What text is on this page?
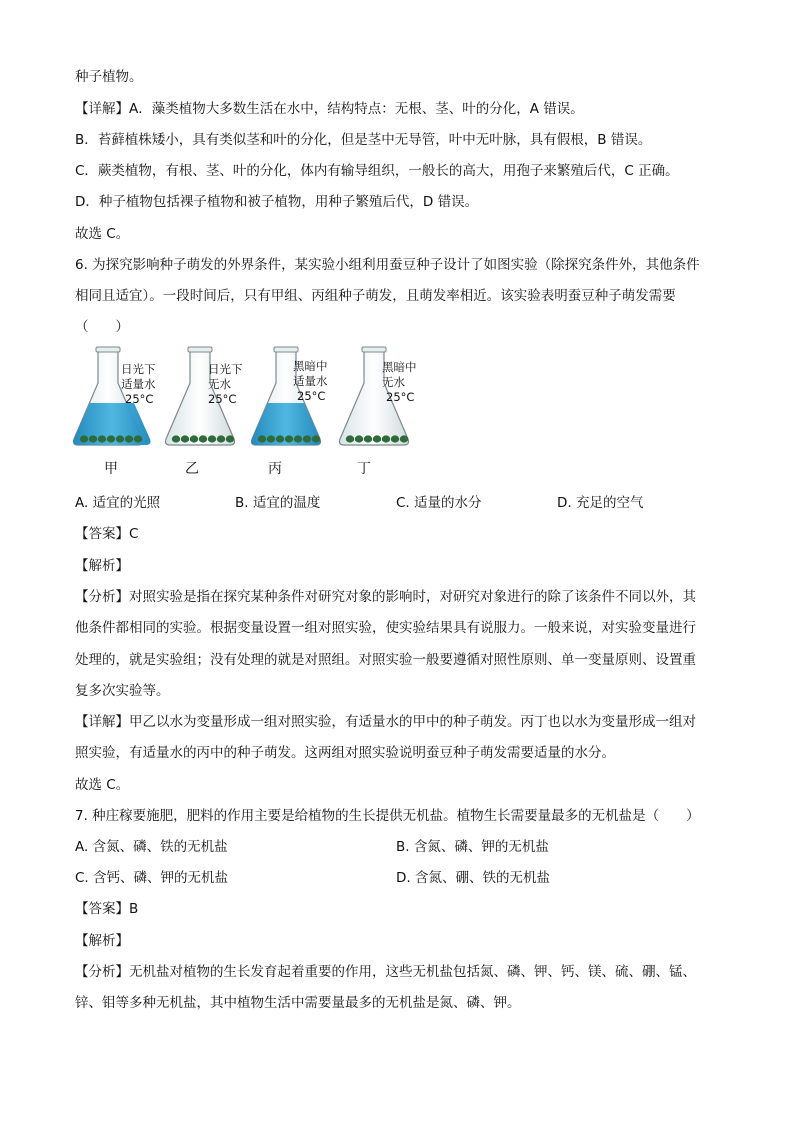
种子植物。
【 详解 】 A．藻类植物大多数生活在水中，结构特点：无根、茎、叶的分化，A 错误。
B．苔藓植株矮小，具有类似茎和叶的分化，但是茎中无导管，叶中无叶脉，具有假根，B 错误。
C．蕨类植物，有根、茎、叶的分化，体内有输导组织，一般长的高大，用孢子来繁殖后代，C 正确。
D．种子植物包括裸子植物和被子植物，用种子繁殖后代，D 错误。
故选 C。
6. 为探究影响种子萌发的外界条件，某实验小组利用蚕豆种子设计了如图实验（除探究条件外，其他条件
相同且适宜）。一段时间后，只有甲组、丙组种子萌发，且萌发率相近。该实验表明蚕豆种子萌发需要
（　　）
日光下
适量水
25°C
日光下
无水
25°C
黑暗中
适量水
25°C
黑暗中
无水
25°C
甲	乙	丙	丁
A. 适宜的光照	B. 适宜的温度	C. 适量的水分	D. 充足的空气
【 答案 】 C
【 解析 】
【 分析 】 对照实验是指在探究某种条件对研究对象的影响时，对研究对象进行的除了该条件不同以外，其
他条件都相同的实验。根据变量设置一组对照实验，使实验结果具有说服力。一般来说，对实验变量进行
处理的，就是实验组；没有处理的就是对照组。对照实验一般要遵循对照性原则、单一变量原则、设置重
复多次实验等。
【 详解 】 甲乙以水为变量形成一组对照实验，有适量水的甲中的种子萌发。丙丁也以水为变量形成一组对
照实验，有适量水的丙中的种子萌发。这两组对照实验说明蚕豆种子萌发需要适量的水分。
故选 C。
7. 种庄稼要施肥，肥料的作用主要是给植物的生长提供无机盐。植物生长需要量最多的无机盐是（　　）
A. 含氮、磷、铁的无机盐	B. 含氮、磷、钾的无机盐
C. 含钙、磷、钾的无机盐	D. 含氮、硼、铁的无机盐
【 答案 】 B
【 解析 】
【 分析 】 无机盐对植物的生长发育起着重要的作用，这些无机盐包括氮、磷、钾、钙、镁、硫、硼、锰、
锌、钼等多种无机盐，其中植物生活中需要量最多的无机盐是氮、磷、钾。
